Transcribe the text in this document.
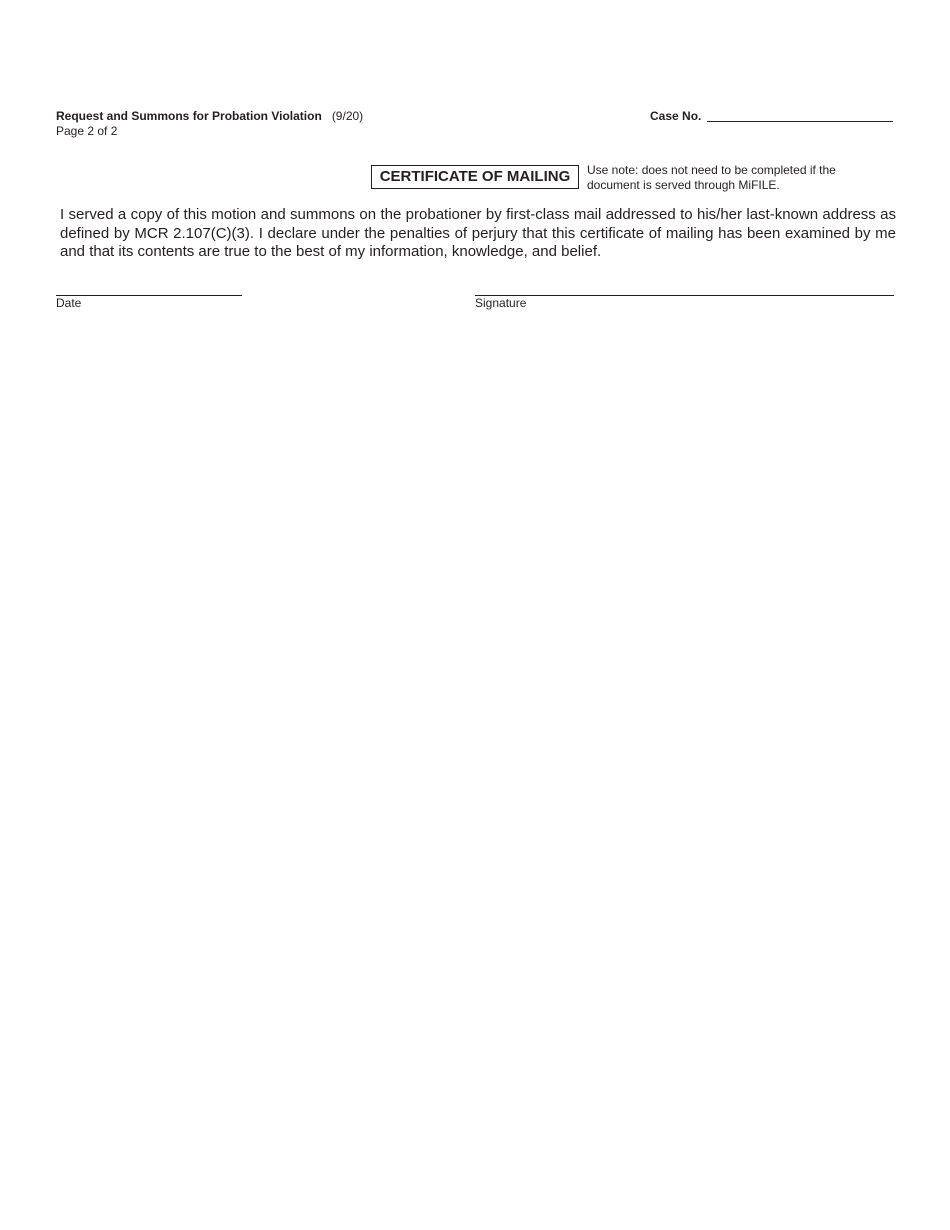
Request and Summons for Probation Violation (9/20)
Page 2 of 2
Case No.
CERTIFICATE OF MAILING	Use note: does not need to be completed if the document is served through MiFILE.
I served a copy of this motion and summons on the probationer by first-class mail addressed to his/her last-known address as defined by MCR 2.107(C)(3). I declare under the penalties of perjury that this certificate of mailing has been examined by me and that its contents are true to the best of my information, knowledge, and belief.
Date	Signature
